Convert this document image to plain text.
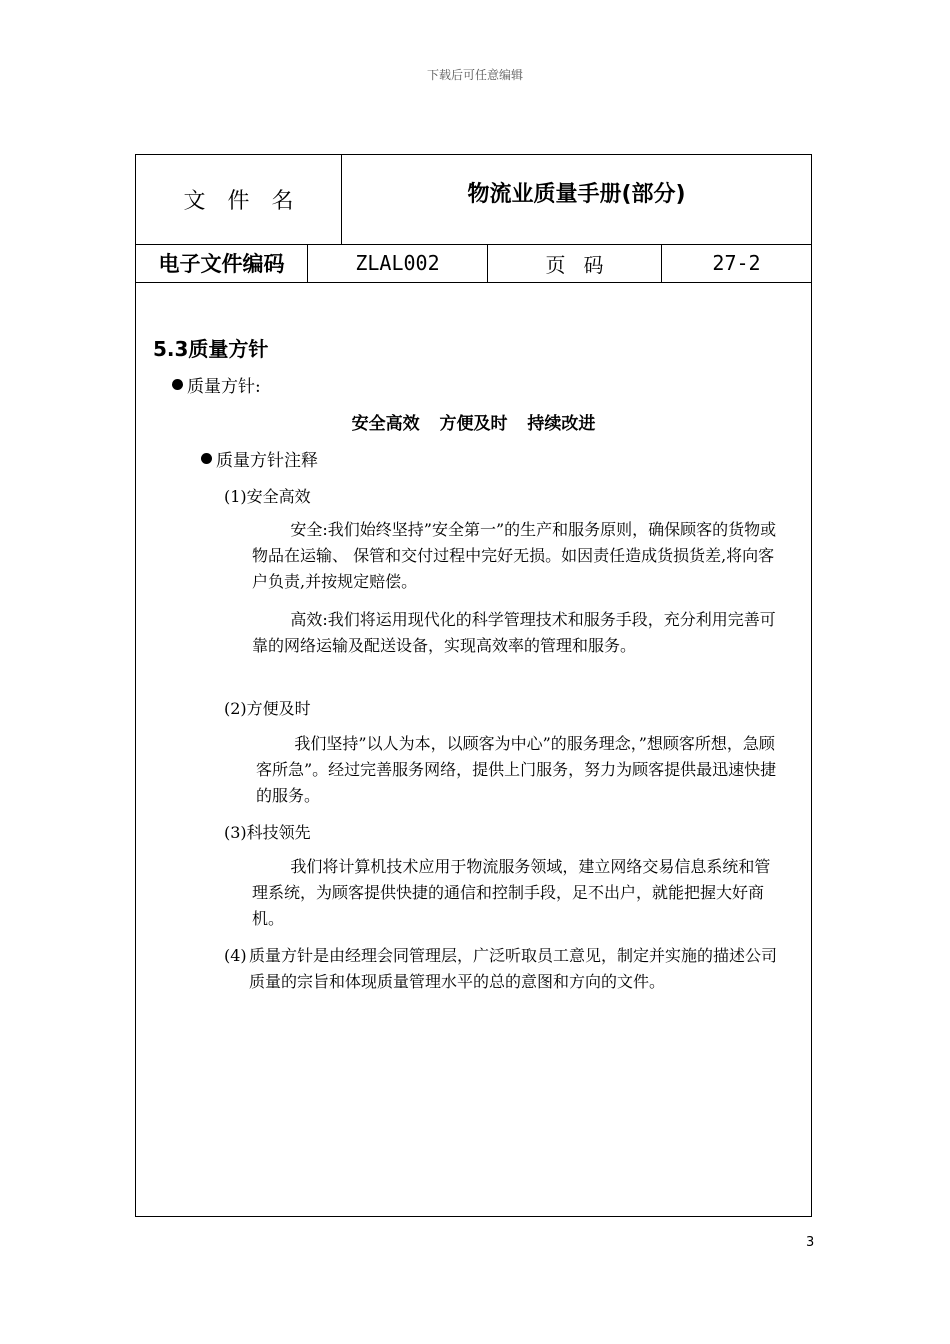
下载后可任意编辑
文件名	物流业质量手册(部分)
电子文件编码	ZLAL002	页码	27-2
5.3质量方针
质量方针:
安全高效 方便及时 持续改进
质量方针注释
(1)安全高效
安全:我们始终坚持”安全第一”的生产和服务原则，确保顾客的货物或物品在运输、 保管和交付过程中完好无损。如因责任造成货损货差,将向客户负责,并按规定赔偿。
高效:我们将运用现代化的科学管理技术和服务手段，充分利用完善可靠的网络运输及配送设备，实现高效率的管理和服务。
(2)方便及时
我们坚持”以人为本，以顾客为中心”的服务理念，”想顾客所想，急顾客所急”。经过完善服务网络，提供上门服务，努力为顾客提供最迅速快捷的服务。
(3)科技领先
我们将计算机技术应用于物流服务领域，建立网络交易信息系统和管理系统，为顾客提供快捷的通信和控制手段，足不出户，就能把握大好商机。
(4) 质量方针是由经理会同管理层，广泛听取员工意见，制定并实施的描述公司质量的宗旨和体现质量管理水平的总的意图和方向的文件。
3
